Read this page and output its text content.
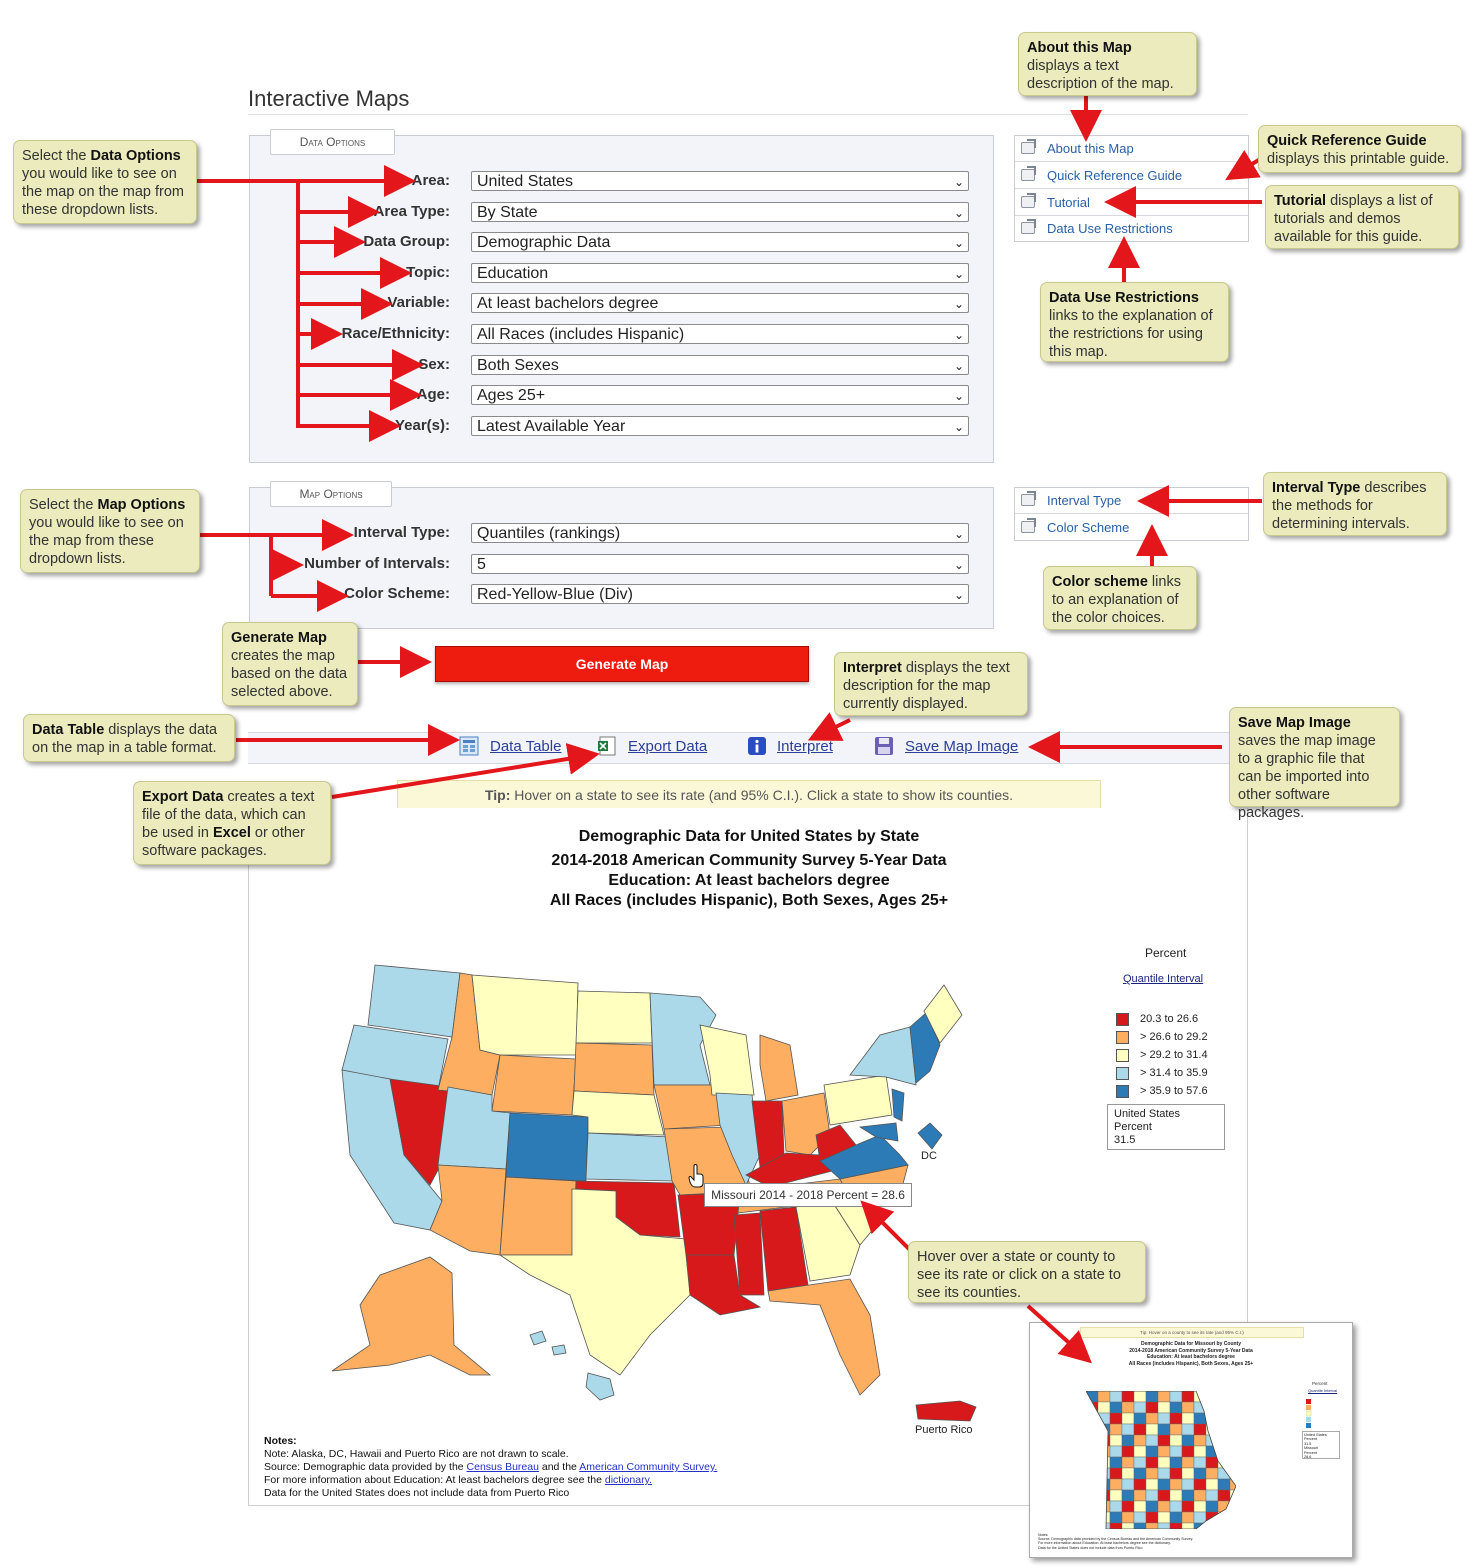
Interactive Maps
Data Options
Area:	United States	⌄
Area Type:	By State	⌄
Data Group:	Demographic Data	⌄
Topic:	Education	⌄
Variable:	At least bachelors degree	⌄
Race/Ethnicity:	All Races (includes Hispanic)	⌄
Sex:	Both Sexes	⌄
Age:	Ages 25+	⌄
Year(s):	Latest Available Year	⌄
Map Options
Interval Type:	Quantiles (rankings)	⌄
Number of Intervals:	5	⌄
Color Scheme:	Red-Yellow-Blue (Div)	⌄
About this Map
Quick Reference Guide
Tutorial
Data Use Restrictions
Interval Type
Color Scheme
Generate Map
Data Table	Export Data	Interpret	Save Map Image
Tip: Hover on a state to see its rate (and 95% C.I.). Click a state to show its counties.
Demographic Data for United States by State
2014-2018 American Community Survey 5-Year Data
Education: At least bachelors degree
All Races (includes Hispanic), Both Sexes, Ages 25+
DC
Puerto Rico
Missouri 2014 - 2018 Percent = 28.6
Percent
Quantile Interval
20.3 to 26.6
> 26.6 to 29.2
> 29.2 to 31.4
> 31.4 to 35.9
> 35.9 to 57.6
United States
Percent
31.5
Notes:
Note: Alaska, DC, Hawaii and Puerto Rico are not drawn to scale.
Source: Demographic data provided by the Census Bureau and the American Community Survey.
For more information about Education: At least bachelors degree see the dictionary.
Data for the United States does not include data from Puerto Rico
Tip: Hover on a county to see its rate (and 95% C.I.)
Demographic Data for Missouri by County
2014-2018 American Community Survey 5-Year Data
Education: At least bachelors degree
All Races (includes Hispanic), Both Sexes, Ages 25+
Percent
Quantile Interval
United States
Percent
31.5
Missouri
Percent
28.6
Notes:
Source: Demographic data provided by the Census Bureau and the American Community Survey.
For more information about Education: At least bachelors degree see the dictionary.
Data for the United States does not include data from Puerto Rico
About this Map
displays a text description of the map.
Quick Reference Guide
displays this printable guide.
Tutorial displays a list of tutorials and demos available for this guide.
Data Use Restrictions
links to the explanation of the restrictions for using this map.
Select the Data Options you would like to see on the map on the map from these dropdown lists.
Select the Map Options you would like to see on the map from these dropdown lists.
Interval Type describes the methods for determining intervals.
Color scheme links to an explanation of the color choices.
Generate Map
creates the map based on the data selected above.
Interpret displays the text description for the map currently displayed.
Data Table displays the data on the map in a table format.
Export Data creates a text file of the data, which can be used in Excel or other software packages.
Save Map Image
saves the map image to a graphic file that can be imported into other software packages.
Hover over a state or county to see its rate or click on a state to see its counties.
